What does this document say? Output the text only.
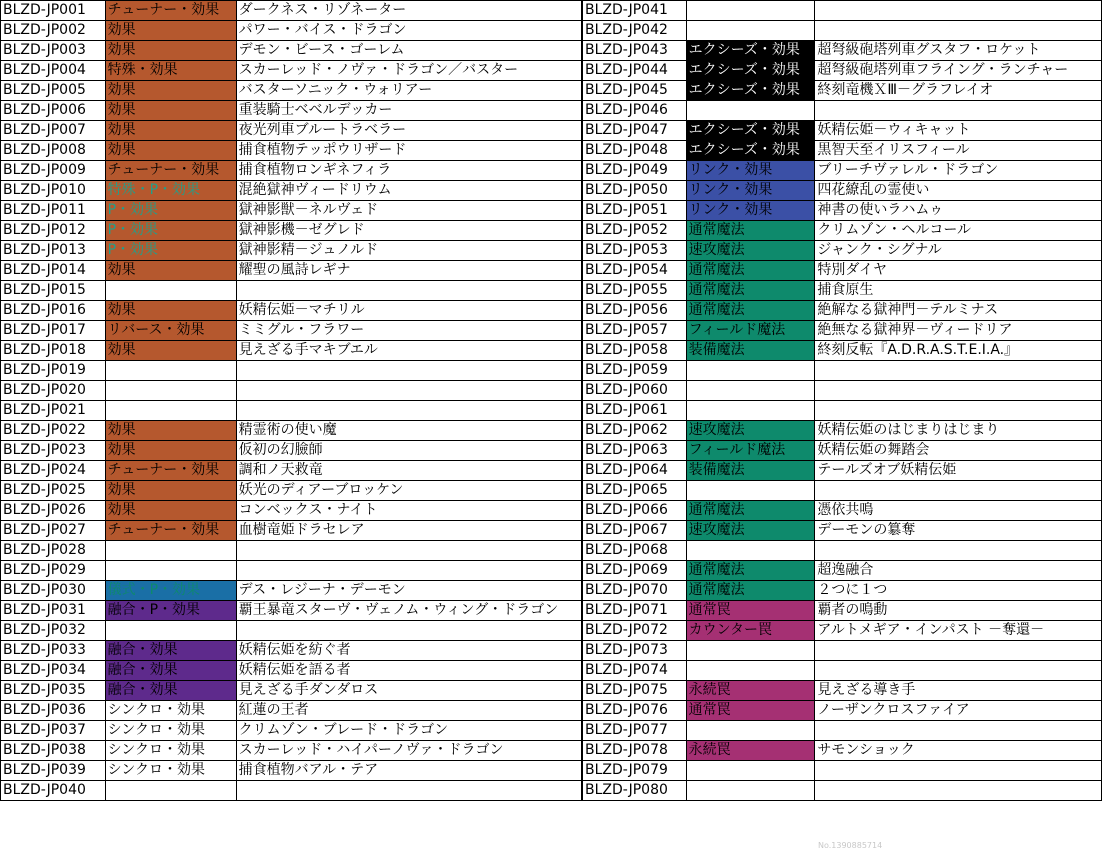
BLZD-JP001	チューナー・効果	ダークネス・リゾネーター
BLZD-JP002	効果	パワー・バイス・ドラゴン
BLZD-JP003	効果	デモン・ビース・ゴーレム
BLZD-JP004	特殊・効果	スカーレッド・ノヴァ・ドラゴン／バスター
BLZD-JP005	効果	バスターソニック・ウォリアー
BLZD-JP006	効果	重装騎士ベベルデッカー
BLZD-JP007	効果	夜光列車ブルートラベラー
BLZD-JP008	効果	捕食植物テッポウリザード
BLZD-JP009	チューナー・効果	捕食植物ロンギネフィラ
BLZD-JP010	特殊・P・効果	混絶獄神ヴィードリウム
BLZD-JP011	P・効果	獄神影獣－ネルヴェド
BLZD-JP012	P・効果	獄神影機－ゼグレド
BLZD-JP013	P・効果	獄神影精－ジュノルド
BLZD-JP014	効果	耀聖の風詩レギナ
BLZD-JP015		
BLZD-JP016	効果	妖精伝姫－マチリル
BLZD-JP017	リバース・効果	ミミグル・フラワー
BLZD-JP018	効果	見えざる手マキブエル
BLZD-JP019		
BLZD-JP020		
BLZD-JP021		
BLZD-JP022	効果	精霊術の使い魔
BLZD-JP023	効果	仮初の幻臉師
BLZD-JP024	チューナー・効果	調和ノ天救竜
BLZD-JP025	効果	妖光のディアーブロッケン
BLZD-JP026	効果	コンベックス・ナイト
BLZD-JP027	チューナー・効果	血樹竜姫ドラセレア
BLZD-JP028		
BLZD-JP029		
BLZD-JP030	儀式・P・効果	デス・レジーナ・デーモン
BLZD-JP031	融合・P・効果	覇王暴竜スターヴ・ヴェノム・ウィング・ドラゴン
BLZD-JP032		
BLZD-JP033	融合・効果	妖精伝姫を紡ぐ者
BLZD-JP034	融合・効果	妖精伝姫を語る者
BLZD-JP035	融合・効果	見えざる手ダンダロス
BLZD-JP036	シンクロ・効果	紅蓮の王者
BLZD-JP037	シンクロ・効果	クリムゾン・ブレード・ドラゴン
BLZD-JP038	シンクロ・効果	スカーレッド・ハイパーノヴァ・ドラゴン
BLZD-JP039	シンクロ・効果	捕食植物バアル・テア
BLZD-JP040		
BLZD-JP041		
BLZD-JP042		
BLZD-JP043	エクシーズ・効果	超弩級砲塔列車グスタフ・ロケット
BLZD-JP044	エクシーズ・効果	超弩級砲塔列車フライング・ランチャー
BLZD-JP045	エクシーズ・効果	終刻竜機ＸⅢ－グラフレイオ
BLZD-JP046		
BLZD-JP047	エクシーズ・効果	妖精伝姫－ウィキャット
BLZD-JP048	エクシーズ・効果	黒智天至イリスフィール
BLZD-JP049	リンク・効果	ブリーチヴァレル・ドラゴン
BLZD-JP050	リンク・効果	四花繚乱の霊使い
BLZD-JP051	リンク・効果	神書の使いラハムゥ
BLZD-JP052	通常魔法	クリムゾン・ヘルコール
BLZD-JP053	速攻魔法	ジャンク・シグナル
BLZD-JP054	通常魔法	特別ダイヤ
BLZD-JP055	通常魔法	捕食原生
BLZD-JP056	通常魔法	絶解なる獄神門－テルミナス
BLZD-JP057	フィールド魔法	絶無なる獄神界－ヴィードリア
BLZD-JP058	装備魔法	終刻反転『A.D.R.A.S.T.E.I.A.』
BLZD-JP059		
BLZD-JP060		
BLZD-JP061		
BLZD-JP062	速攻魔法	妖精伝姫のはじまりはじまり
BLZD-JP063	フィールド魔法	妖精伝姫の舞踏会
BLZD-JP064	装備魔法	テールズオブ妖精伝姫
BLZD-JP065		
BLZD-JP066	通常魔法	憑依共鳴
BLZD-JP067	速攻魔法	デーモンの簒奪
BLZD-JP068		
BLZD-JP069	通常魔法	超逸融合
BLZD-JP070	通常魔法	２つに１つ
BLZD-JP071	通常罠	覇者の鳴動
BLZD-JP072	カウンター罠	アルトメギア・インパスト －奪還－
BLZD-JP073		
BLZD-JP074		
BLZD-JP075	永続罠	見えざる導き手
BLZD-JP076	通常罠	ノーザンクロスファイア
BLZD-JP077		
BLZD-JP078	永続罠	サモンショック
BLZD-JP079		
BLZD-JP080		
No.1390885714
